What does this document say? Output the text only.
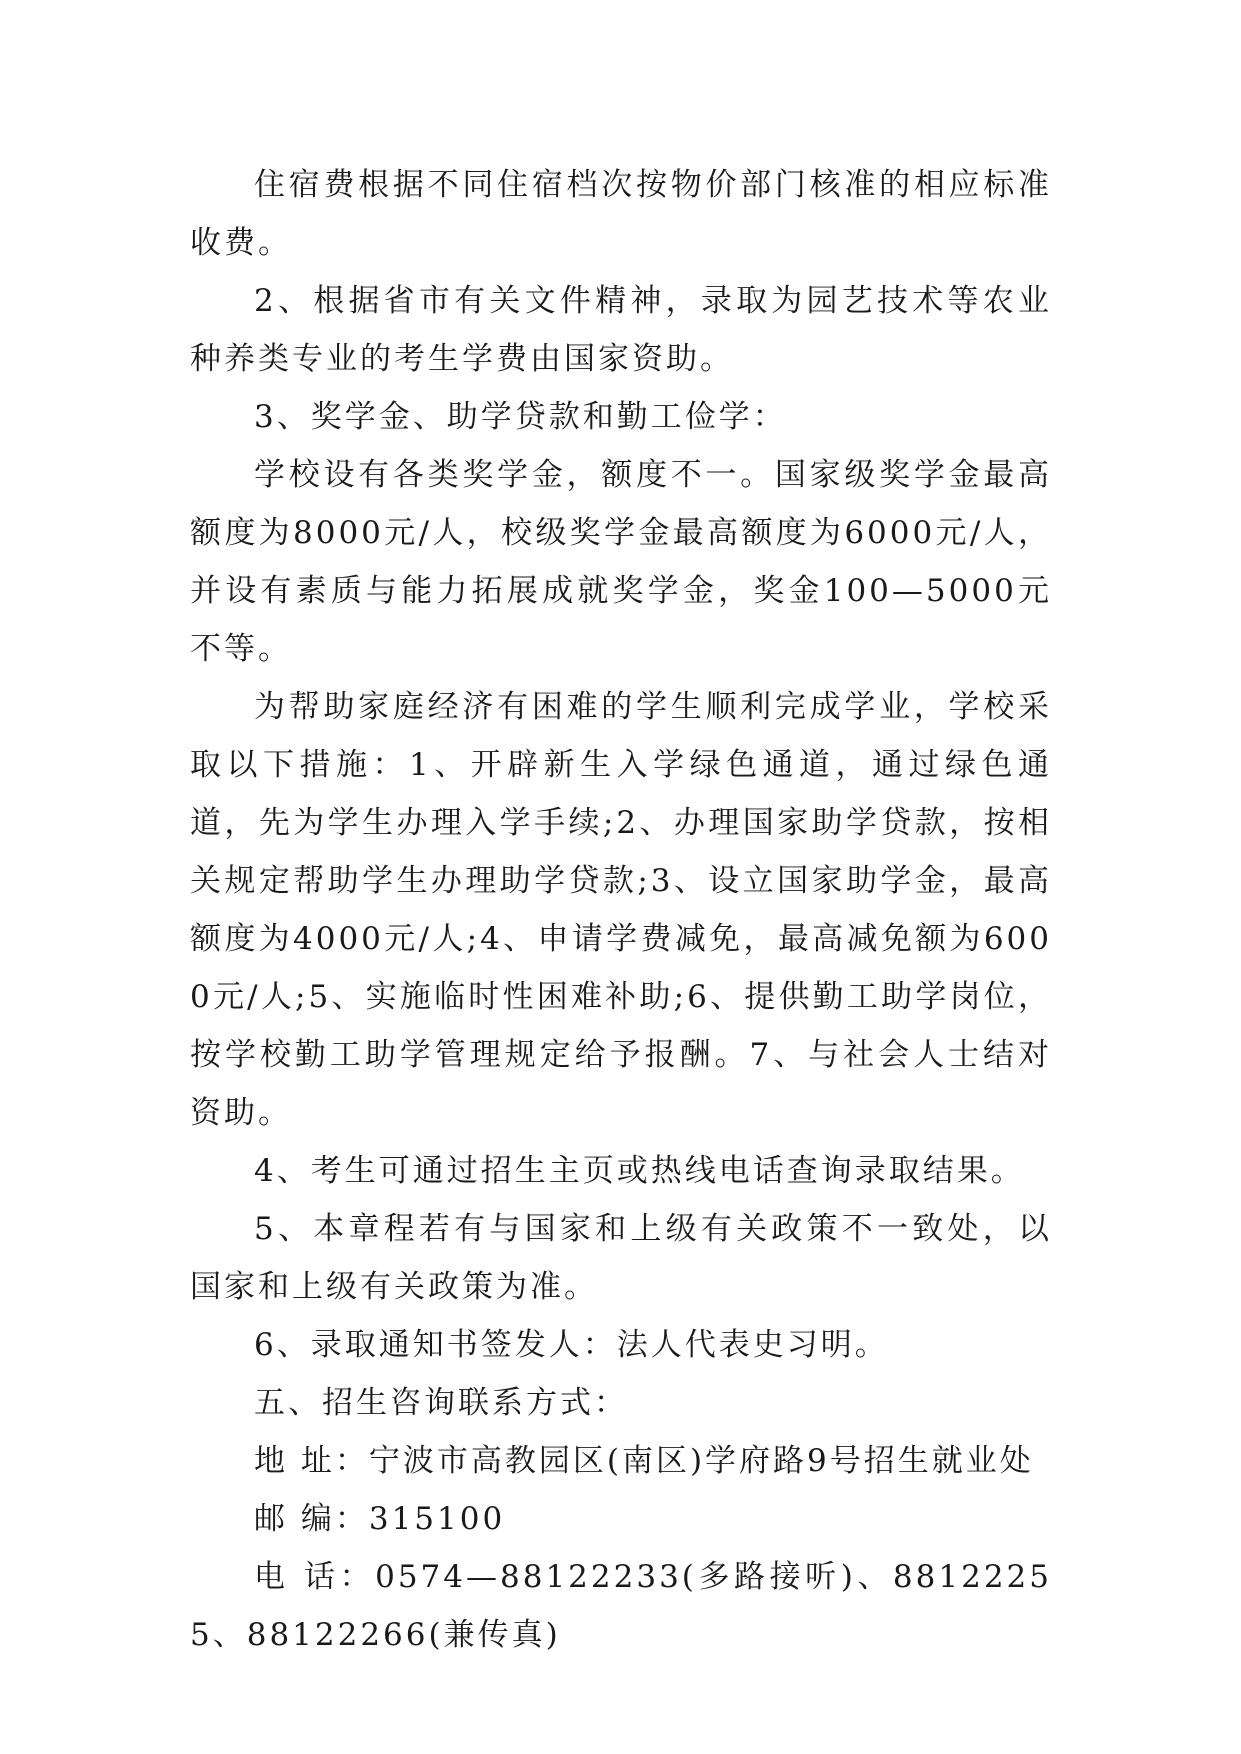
住宿费根据不同住宿档次按物价部门核准的相应标准收费。

2、根据省市有关文件精神，录取为园艺技术等农业种养类专业的考生学费由国家资助。

3、奖学金、助学贷款和勤工俭学：

学校设有各类奖学金，额度不一。国家级奖学金最高额度为8000元/人，校级奖学金最高额度为6000元/人，并设有素质与能力拓展成就奖学金，奖金100—5000元不等。

为帮助家庭经济有困难的学生顺利完成学业，学校采取以下措施：1、开辟新生入学绿色通道，通过绿色通道，先为学生办理入学手续;2、办理国家助学贷款，按相关规定帮助学生办理助学贷款;3、设立国家助学金，最高额度为4000元/人;4、申请学费减免，最高减免额为6000元/人;5、实施临时性困难补助;6、提供勤工助学岗位，按学校勤工助学管理规定给予报酬。7、与社会人士结对资助。

4、考生可通过招生主页或热线电话查询录取结果。

5、本章程若有与国家和上级有关政策不一致处，以国家和上级有关政策为准。

6、录取通知书签发人：法人代表史习明。

五、招生咨询联系方式：

地 址：宁波市高教园区(南区)学府路9号招生就业处

邮 编：315100

电 话：0574—88122233(多路接听)、88122255、88122266(兼传真)
